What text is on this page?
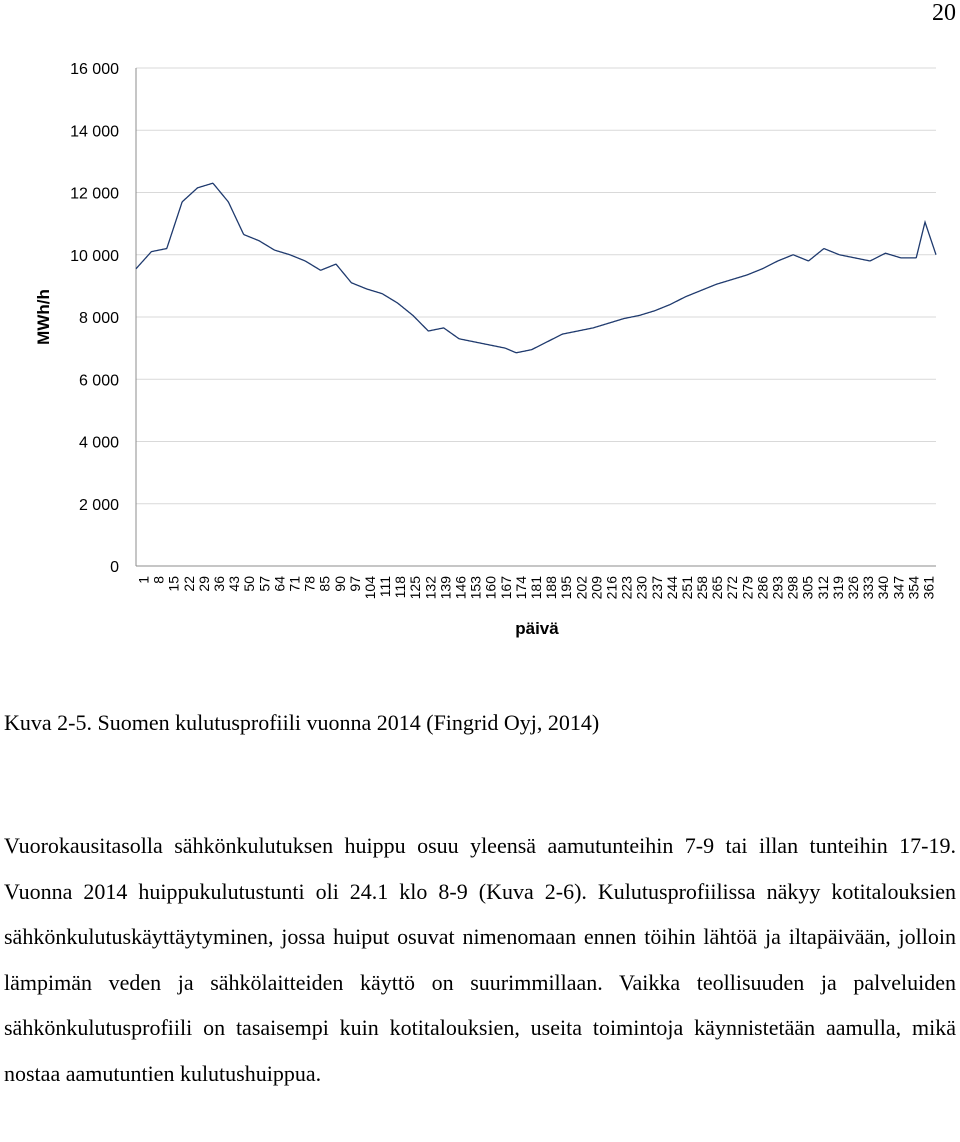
20
0
2 000
4 000
6 000
8 000
10 000
12 000
14 000
16 000
1 8 15 22 29 36 43 50 57 64 71 78 85 90 97 104 111 118 125 132 139 146 153 160 167 174 181 188 195 202 209 216 223 230 237 244 251 258 265 272 279 286 293 298 305 312 319 326 333 340 347 354 361
MWh/h
päivä
Kuva 2-5. Suomen kulutusprofiili vuonna 2014 (Fingrid Oyj, 2014)

Vuorokausitasolla sähkönkulutuksen huippu osuu yleensä aamutunteihin 7-9 tai illan tunteihin 17-19. Vuonna 2014 huippukulutustunti oli 24.1 klo 8-9 (Kuva 2-6). Kulutusprofiilissa näkyy kotitalouksien sähkönkulutuskäyttäytyminen, jossa huiput osuvat nimenomaan ennen töihin lähtöä ja iltapäivään, jolloin lämpimän veden ja sähkölaitteiden käyttö on suurimmillaan. Vaikka teollisuuden ja palveluiden sähkönkulutusprofiili on tasaisempi kuin kotitalouksien, useita toimintoja käynnistetään aamulla, mikä nostaa aamutuntien kulutushuippua.
